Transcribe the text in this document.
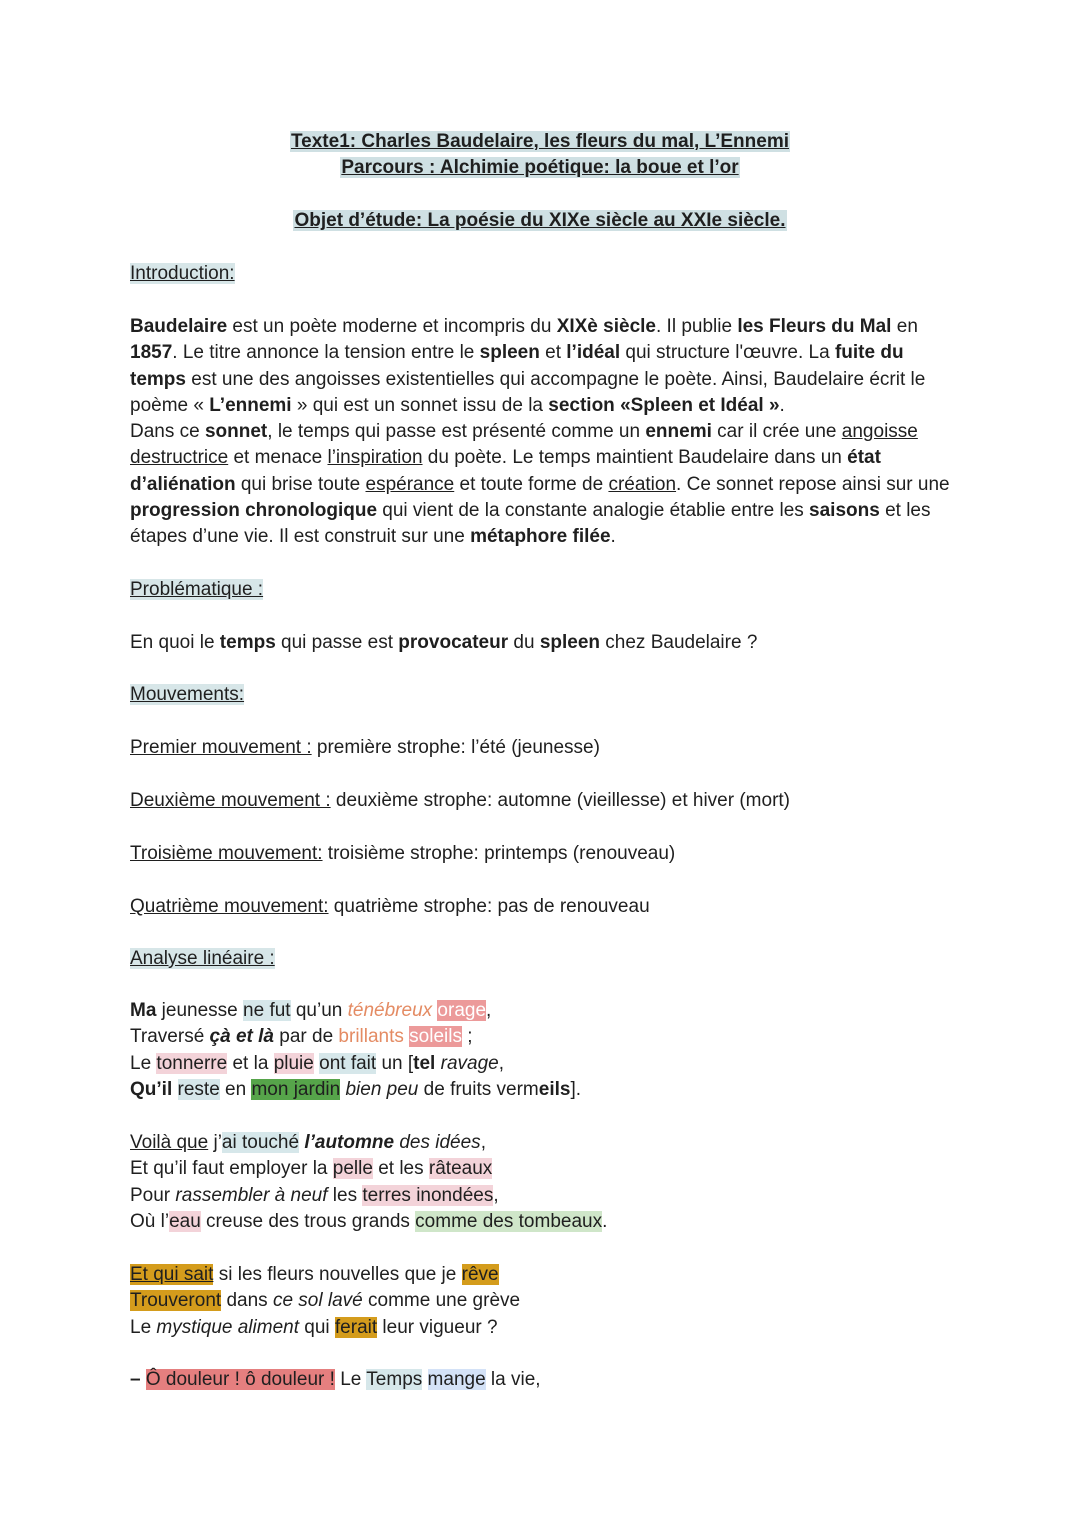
Texte1: Charles Baudelaire, les fleurs du mal, L’Ennemi
Parcours : Alchimie poétique: la boue et l’or
Objet d’étude: La poésie du XIXe siècle au XXIe siècle.
Introduction:
Baudelaire est un poète moderne et incompris du XIXè siècle. Il publie les Fleurs du Mal en 1857. Le titre annonce la tension entre le spleen et l’idéal qui structure l'œuvre. La fuite du temps est une des angoisses existentielles qui accompagne le poète. Ainsi, Baudelaire écrit le poème « L’ennemi » qui est un sonnet issu de la section «Spleen et Idéal ».
Dans ce sonnet, le temps qui passe est présenté comme un ennemi car il crée une angoisse destructrice et menace l’inspiration du poète. Le temps maintient Baudelaire dans un état d’aliénation qui brise toute espérance et toute forme de création. Ce sonnet repose ainsi sur une progression chronologique qui vient de la constante analogie établie entre les saisons et les étapes d’une vie. Il est construit sur une métaphore filée.
Problématique :
En quoi le temps qui passe est provocateur du spleen chez Baudelaire ?
Mouvements:
Premier mouvement : première strophe: l’été (jeunesse)
Deuxième mouvement : deuxième strophe: automne (vieillesse) et hiver (mort)
Troisième mouvement: troisième strophe: printemps (renouveau)
Quatrième mouvement: quatrième strophe: pas de renouveau
Analyse linéaire :
Ma jeunesse ne fut qu’un ténébreux orage,
Traversé çà et là par de brillants soleils ;
Le tonnerre et la pluie ont fait un [tel ravage,
Qu’il reste en mon jardin bien peu de fruits vermeils].
Voilà que j’ai touché l’automne des idées,
Et qu’il faut employer la pelle et les râteaux
Pour rassembler à neuf les terres inondées,
Où l’eau creuse des trous grands comme des tombeaux.
Et qui sait si les fleurs nouvelles que je rêve
Trouveront dans ce sol lavé comme une grève
Le mystique aliment qui ferait leur vigueur ?
– Ô douleur ! ô douleur ! Le Temps mange la vie,
